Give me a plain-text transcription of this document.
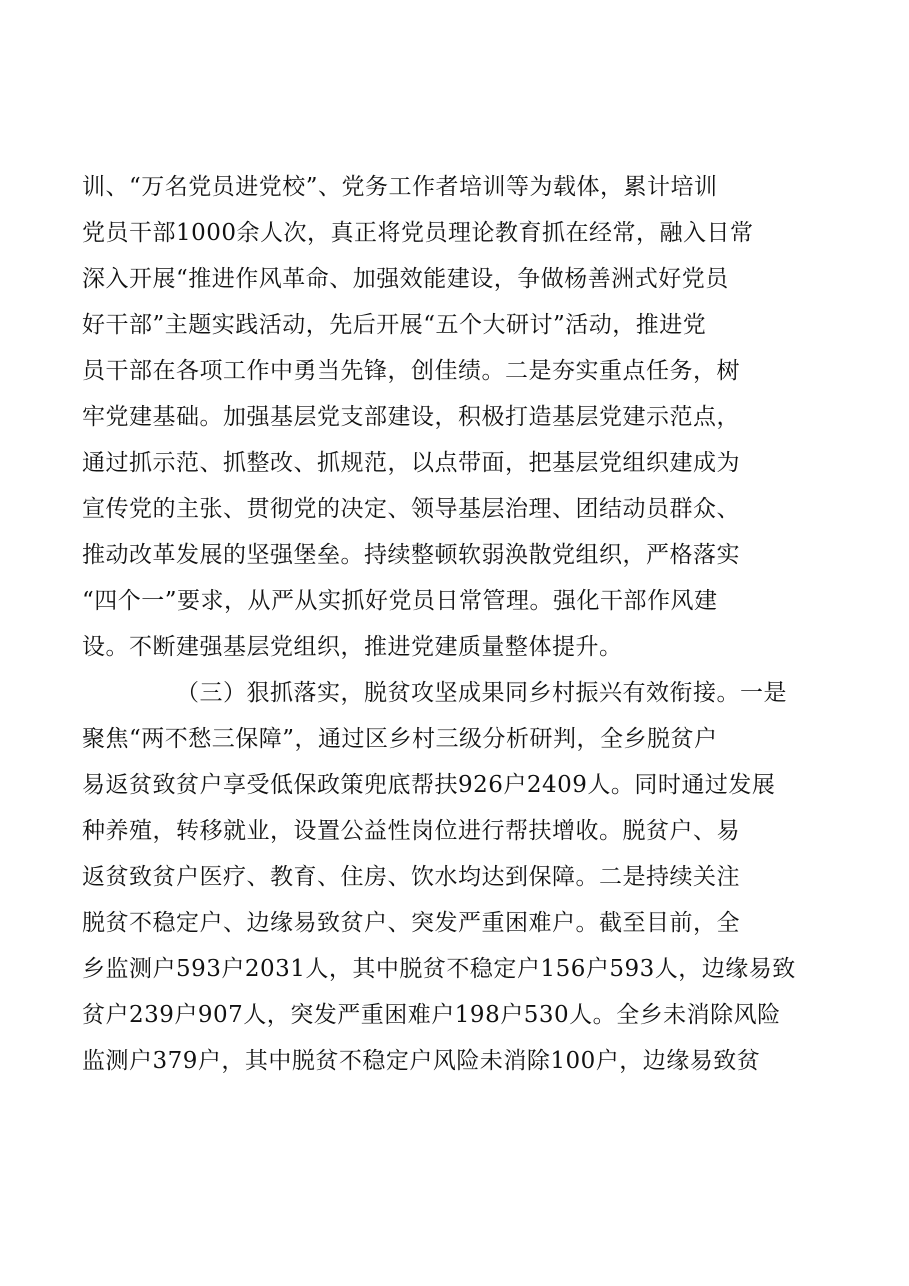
训、“万名党员进党校”、党务工作者培训等为载体，累计培训
党员干部1000余人次，真正将党员理论教育抓在经常，融入日常
深入开展“推进作风革命、加强效能建设，争做杨善洲式好党员
好干部”主题实践活动，先后开展“五个大研讨”活动，推进党
员干部在各项工作中勇当先锋，创佳绩。二是夯实重点任务，树
牢党建基础。加强基层党支部建设，积极打造基层党建示范点，
通过抓示范、抓整改、抓规范，以点带面，把基层党组织建成为
宣传党的主张、贯彻党的决定、领导基层治理、团结动员群众、
推动改革发展的坚强堡垒。持续整顿软弱涣散党组织，严格落实
“四个一”要求，从严从实抓好党员日常管理。强化干部作风建
设。不断建强基层党组织，推进党建质量整体提升。
（三）狠抓落实，脱贫攻坚成果同乡村振兴有效衔接。一是
聚焦“两不愁三保障”，通过区乡村三级分析研判，全乡脱贫户
易返贫致贫户享受低保政策兜底帮扶926户2409人。同时通过发展
种养殖，转移就业，设置公益性岗位进行帮扶增收。脱贫户、易
返贫致贫户医疗、教育、住房、饮水均达到保障。二是持续关注
脱贫不稳定户、边缘易致贫户、突发严重困难户。截至目前，全
乡监测户593户2031人，其中脱贫不稳定户156户593人，边缘易致
贫户239户907人，突发严重困难户198户530人。全乡未消除风险
监测户379户，其中脱贫不稳定户风险未消除100户，边缘易致贫
